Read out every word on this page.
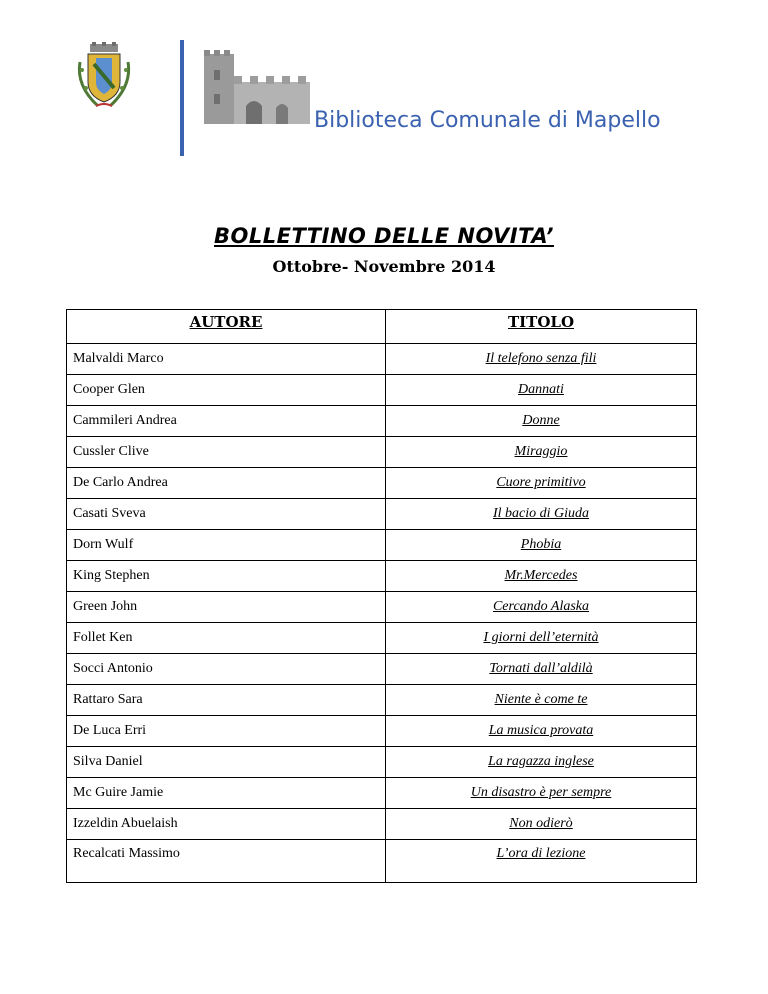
Biblioteca Comunale di Mapello
BOLLETTINO DELLE NOVITA’
Ottobre- Novembre 2014
AUTORE	TITOLO
Malvaldi Marco	Il telefono senza fili
Cooper Glen	Dannati
Cammileri Andrea	Donne
Cussler Clive	Miraggio
De Carlo Andrea	Cuore primitivo
Casati Sveva	Il bacio di Giuda
Dorn Wulf	Phobia
King Stephen	Mr.Mercedes
Green John	Cercando Alaska
Follet Ken	I giorni dell’eternità
Socci Antonio	Tornati dall’aldilà
Rattaro Sara	Niente è come te
De Luca Erri	La musica provata
Silva Daniel	La ragazza inglese
Mc Guire Jamie	Un disastro è per sempre
Izzeldin Abuelaish	Non odierò
Recalcati Massimo	L’ora di lezione
